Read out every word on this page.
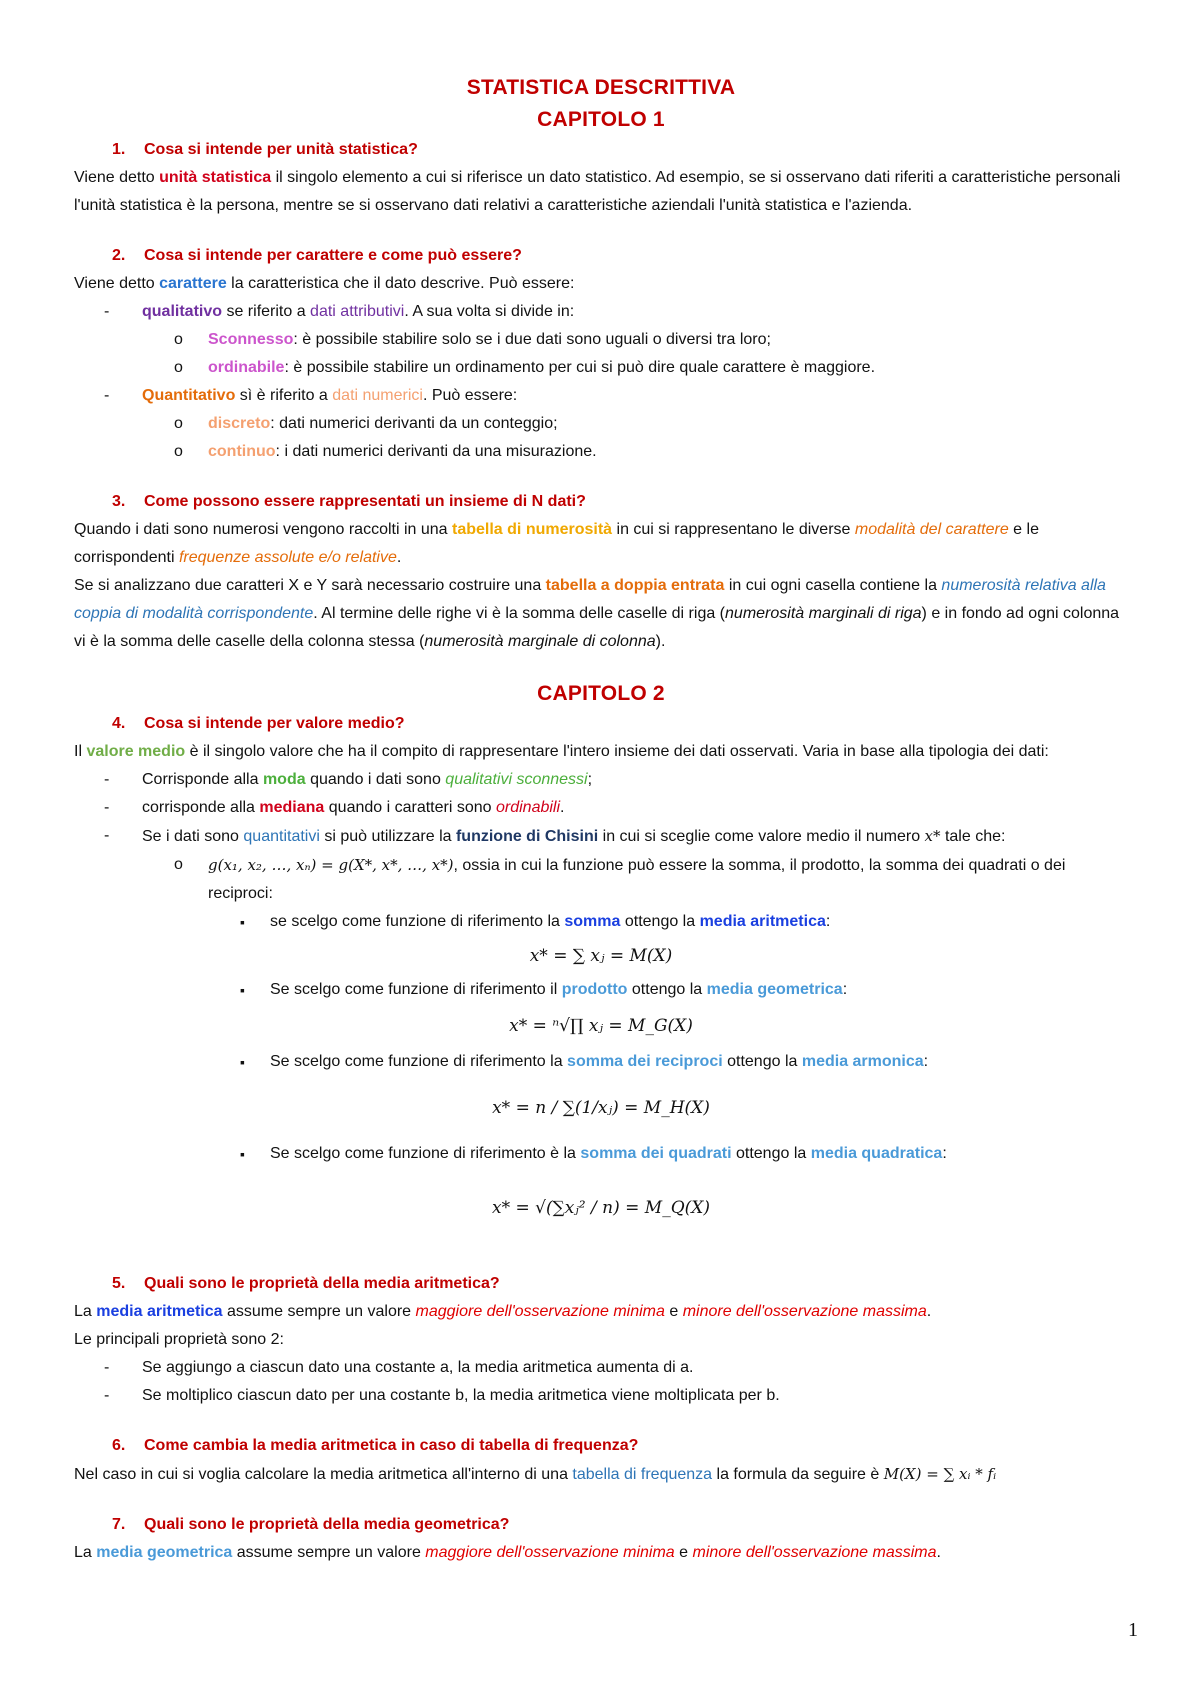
STATISTICA DESCRITTIVA
CAPITOLO 1
1. Cosa si intende per unità statistica?
Viene detto unità statistica il singolo elemento a cui si riferisce un dato statistico. Ad esempio, se si osservano dati riferiti a caratteristiche personali l'unità statistica è la persona, mentre se si osservano dati relativi a caratteristiche aziendali l'unità statistica e l'azienda.
2. Cosa si intende per carattere e come può essere?
Viene detto carattere la caratteristica che il dato descrive. Può essere:
- qualitativo se riferito a dati attributivi. A sua volta si divide in:
o Sconnesso: è possibile stabilire solo se i due dati sono uguali o diversi tra loro;
o ordinabile: è possibile stabilire un ordinamento per cui si può dire quale carattere è maggiore.
- Quantitativo sì è riferito a dati numerici. Può essere:
o discreto: dati numerici derivanti da un conteggio;
o continuo: i dati numerici derivanti da una misurazione.
3. Come possono essere rappresentati un insieme di N dati?
Quando i dati sono numerosi vengono raccolti in una tabella di numerosità in cui si rappresentano le diverse modalità del carattere e le corrispondenti frequenze assolute e/o relative.
Se si analizzano due caratteri X e Y sarà necessario costruire una tabella a doppia entrata in cui ogni casella contiene la numerosità relativa alla coppia di modalità corrispondente. Al termine delle righe vi è la somma delle caselle di riga (numerosità marginali di riga) e in fondo ad ogni colonna vi è la somma delle caselle della colonna stessa (numerosità marginale di colonna).
CAPITOLO 2
4. Cosa si intende per valore medio?
Il valore medio è il singolo valore che ha il compito di rappresentare l'intero insieme dei dati osservati. Varia in base alla tipologia dei dati:
- Corrisponde alla moda quando i dati sono qualitativi sconnessi;
- corrisponde alla mediana quando i caratteri sono ordinabili.
- Se i dati sono quantitativi si può utilizzare la funzione di Chisini in cui si sceglie come valore medio il numero x* tale che:
o g(x₁, x₂, …, xₙ) = g(X*, x*, …, x*), ossia in cui la funzione può essere la somma, il prodotto, la somma dei quadrati o dei reciproci:
▪ se scelgo come funzione di riferimento la somma ottengo la media aritmetica:
x* = ∑ xⱼ = M(X)
▪ Se scelgo come funzione di riferimento il prodotto ottengo la media geometrica:
x* = ⁿ√∏ xⱼ = M_G(X)
▪ Se scelgo come funzione di riferimento la somma dei reciproci ottengo la media armonica:
x* = n / ∑(1/xⱼ) = M_H(X)
▪ Se scelgo come funzione di riferimento è la somma dei quadrati ottengo la media quadratica:
x* = √(∑xⱼ² / n) = M_Q(X)
5. Quali sono le proprietà della media aritmetica?
La media aritmetica assume sempre un valore maggiore dell'osservazione minima e minore dell'osservazione massima.
Le principali proprietà sono 2:
- Se aggiungo a ciascun dato una costante a, la media aritmetica aumenta di a.
- Se moltiplico ciascun dato per una costante b, la media aritmetica viene moltiplicata per b.
6. Come cambia la media aritmetica in caso di tabella di frequenza?
Nel caso in cui si voglia calcolare la media aritmetica all'interno di una tabella di frequenza la formula da seguire è M(X) = ∑ xᵢ * fᵢ
7. Quali sono le proprietà della media geometrica?
La media geometrica assume sempre un valore maggiore dell'osservazione minima e minore dell'osservazione massima.
1
